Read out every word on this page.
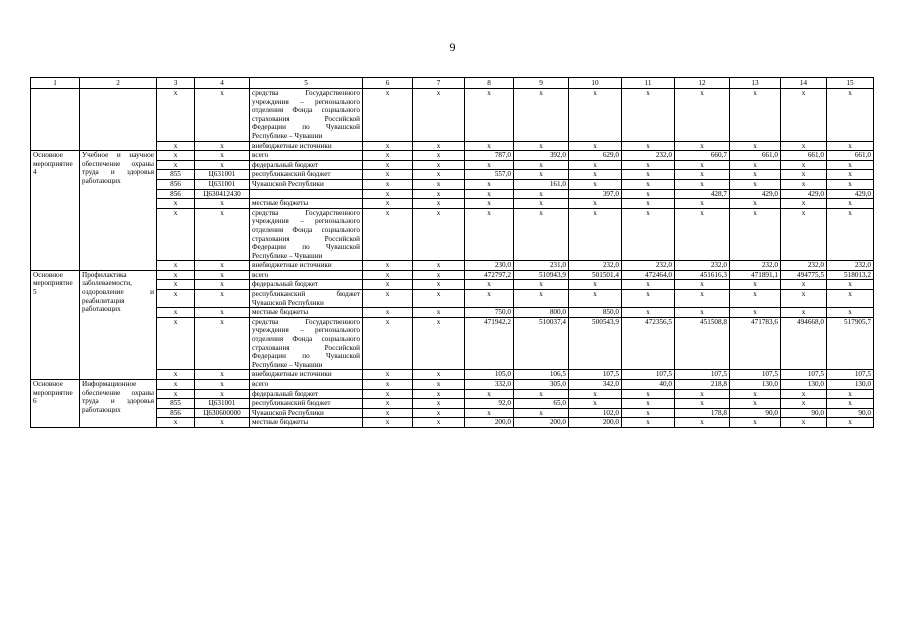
9
1	2	3	4	5	6	7	8	9	10	11	12	13	14	15
		x	x	средства Государственного учреждения – регионального отделения Фонда социального страхования Российской Федерации по Чувашской Республике – Чувашии	x	x	x	x	x	x	x	x	x	x
		x	x	внебюджетные источники	x	x	x	x	x	x	x	x	x	x
Основное мероприятие 4	Учебное и научное обеспечение охраны труда и здоровья работающих	x	x	всего	x	x	787,0	392,0	629,0	232,0	660,7	661,0	661,0	661,0
		x	x	федеральный бюджет	x	x	x	x	x	x	x	x	x	x
		855	Ц631001	республиканский бюджет	x	x	557,0	x	x	x	x	x	x	x
		856	Ц631001	Чувашской Республики	x	x	x	161,0	x	x	x	x	x	x
		856	Ц630412430		x	x	x	x	397,0	x	428,7	429,0	429,0	429,0
		x	x	местные бюджеты	x	x	x	x	x	x	x	x	x	x
		x	x	средства Государственного учреждения – регионального отделения Фонда социального страхования Российской Федерации по Чувашской Республике – Чувашии	x	x	x	x	x	x	x	x	x	x
		x	x	внебюджетные источники	x	x	230,0	231,0	232,0	232,0	232,0	232,0	232,0	232,0
Основное мероприятие 5	Профилактика заболеваемости, оздоровление и реабилитация работающих	x	x	всего	x	x	472797,2	510943,9	501501,4	472464,0	451616,3	471891,1	494775,5	518013,2
		x	x	федеральный бюджет	x	x	x	x	x	x	x	x	x	x
		x	x	республиканский бюджет Чувашской Республики	x	x	x	x	x	x	x	x	x	x
		x	x	местные бюджеты	x	x	750,0	800,0	850,0	x	x	x	x	x
		x	x	средства Государственного учреждения – регионального отделения Фонда социального страхования Российской Федерации по Чувашской Республике – Чувашии	x	x	471942,2	510037,4	500543,9	472356,5	451508,8	471783,6	494668,0	517905,7
		x	x	внебюджетные источники	x	x	105,0	106,5	107,5	107,5	107,5	107,5	107,5	107,5
Основное мероприятие 6	Информационное обеспечение охраны труда и здоровья работающих	x	x	всего	x	x	332,0	305,0	342,0	40,0	218,8	130,0	130,0	130,0
		x	x	федеральный бюджет	x	x	x	x	x	x	x	x	x	x
		855	Ц631001	республиканский бюджет	x	x	92,0	65,0	x	x	x	x	x	x
		856	Ц630600000	Чувашской Республики	x	x	x	x	102,0	x	178,8	90,0	90,0	90,0
		x	x	местные бюджеты	x	x	200,0	200,0	200,0	x	x	x	x	x
